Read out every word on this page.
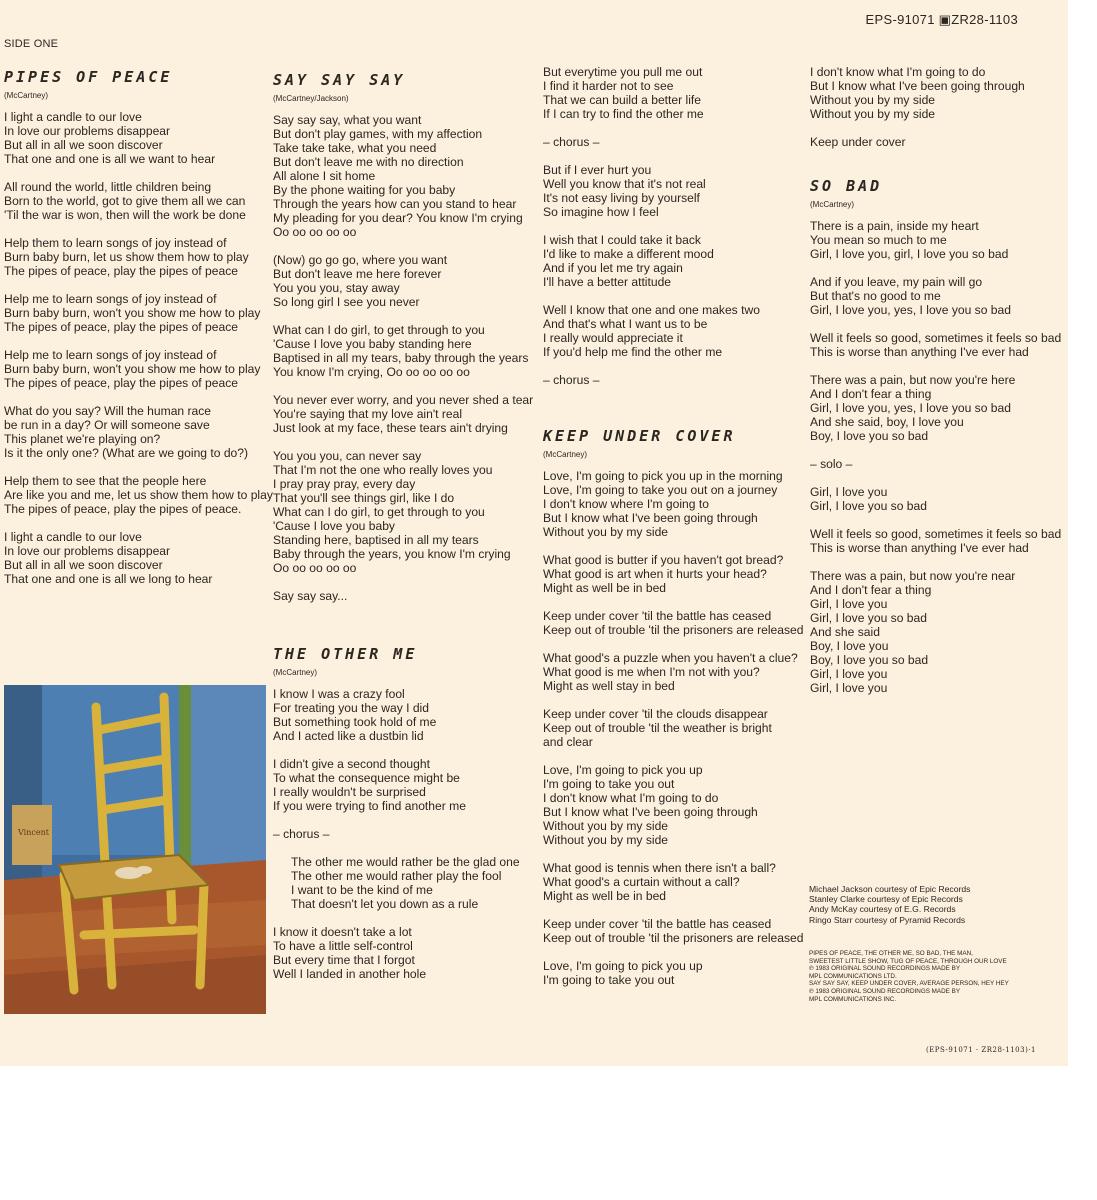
EPS-91071 ▣ZR28-1103
SIDE ONE
PIPES OF PEACE
(McCartney)
I light a candle to our love
In love our problems disappear
But all in all we soon discover
That one and one is all we want to hear
All round the world, little children being
Born to the world, got to give them all we can
'Til the war is won, then will the work be done
Help them to learn songs of joy instead of
Burn baby burn, let us show them how to play
The pipes of peace, play the pipes of peace
Help me to learn songs of joy instead of
Burn baby burn, won't you show me how to play
The pipes of peace, play the pipes of peace
Help me to learn songs of joy instead of
Burn baby burn, won't you show me how to play
The pipes of peace, play the pipes of peace
What do you say? Will the human race
be run in a day? Or will someone save
This planet we're playing on?
Is it the only one? (What are we going to do?)
Help them to see that the people here
Are like you and me, let us show them how to play
The pipes of peace, play the pipes of peace.
I light a candle to our love
In love our problems disappear
But all in all we soon discover
That one and one is all we long to hear
Vincent
SAY SAY SAY
(McCartney/Jackson)
Say say say, what you want
But don't play games, with my affection
Take take take, what you need
But don't leave me with no direction
All alone I sit home
By the phone waiting for you baby
Through the years how can you stand to hear
My pleading for you dear? You know I'm crying
Oo oo oo oo oo
(Now) go go go, where you want
But don't leave me here forever
You you you, stay away
So long girl I see you never
What can I do girl, to get through to you
'Cause I love you baby standing here
Baptised in all my tears, baby through the years
You know I'm crying, Oo oo oo oo oo
You never ever worry, and you never shed a tear
You're saying that my love ain't real
Just look at my face, these tears ain't drying
You you you, can never say
That I'm not the one who really loves you
I pray pray pray, every day
That you'll see things girl, like I do
What can I do girl, to get through to you
'Cause I love you baby
Standing here, baptised in all my tears
Baby through the years, you know I'm crying
Oo oo oo oo oo
Say say say...
THE OTHER ME
(McCartney)
I know I was a crazy fool
For treating you the way I did
But something took hold of me
And I acted like a dustbin lid
I didn't give a second thought
To what the consequence might be
I really wouldn't be surprised
If you were trying to find another me
– chorus –
The other me would rather be the glad one
The other me would rather play the fool
I want to be the kind of me
That doesn't let you down as a rule
I know it doesn't take a lot
To have a little self-control
But every time that I forgot
Well I landed in another hole
But everytime you pull me out
I find it harder not to see
That we can build a better life
If I can try to find the other me
– chorus –
But if I ever hurt you
Well you know that it's not real
It's not easy living by yourself
So imagine how I feel
I wish that I could take it back
I'd like to make a different mood
And if you let me try again
I'll have a better attitude
Well I know that one and one makes two
And that's what I want us to be
I really would appreciate it
If you'd help me find the other me
– chorus –
KEEP UNDER COVER
(McCartney)
Love, I'm going to pick you up in the morning
Love, I'm going to take you out on a journey
I don't know where I'm going to
But I know what I've been going through
Without you by my side
What good is butter if you haven't got bread?
What good is art when it hurts your head?
Might as well be in bed
Keep under cover 'til the battle has ceased
Keep out of trouble 'til the prisoners are released
What good's a puzzle when you haven't a clue?
What good is me when I'm not with you?
Might as well stay in bed
Keep under cover 'til the clouds disappear
Keep out of trouble 'til the weather is bright
and clear
Love, I'm going to pick you up
I'm going to take you out
I don't know what I'm going to do
But I know what I've been going through
Without you by my side
Without you by my side
What good is tennis when there isn't a ball?
What good's a curtain without a call?
Might as well be in bed
Keep under cover 'til the battle has ceased
Keep out of trouble 'til the prisoners are released
Love, I'm going to pick you up
I'm going to take you out
I don't know what I'm going to do
But I know what I've been going through
Without you by my side
Without you by my side
Keep under cover
SO BAD
(McCartney)
There is a pain, inside my heart
You mean so much to me
Girl, I love you, girl, I love you so bad
And if you leave, my pain will go
But that's no good to me
Girl, I love you, yes, I love you so bad
Well it feels so good, sometimes it feels so bad
This is worse than anything I've ever had
There was a pain, but now you're here
And I don't fear a thing
Girl, I love you, yes, I love you so bad
And she said, boy, I love you
Boy, I love you so bad
– solo –
Girl, I love you
Girl, I love you so bad
Well it feels so good, sometimes it feels so bad
This is worse than anything I've ever had
There was a pain, but now you're near
And I don't fear a thing
Girl, I love you
Girl, I love you so bad
And she said
Boy, I love you
Boy, I love you so bad
Girl, I love you
Girl, I love you
Michael Jackson courtesy of Epic Records
Stanley Clarke courtesy of Epic Records
Andy McKay courtesy of E.G. Records
Ringo Starr courtesy of Pyramid Records
PIPES OF PEACE, THE OTHER ME, SO BAD, THE MAN,
SWEETEST LITTLE SHOW, TUG OF PEACE, THROUGH OUR LOVE
℗ 1983 ORIGINAL SOUND RECORDINGS MADE BY
MPL COMMUNICATIONS LTD.
SAY SAY SAY, KEEP UNDER COVER, AVERAGE PERSON, HEY HEY
℗ 1983 ORIGINAL SOUND RECORDINGS MADE BY
MPL COMMUNICATIONS INC.
(EPS-91071 · ZR28-1103)·1
